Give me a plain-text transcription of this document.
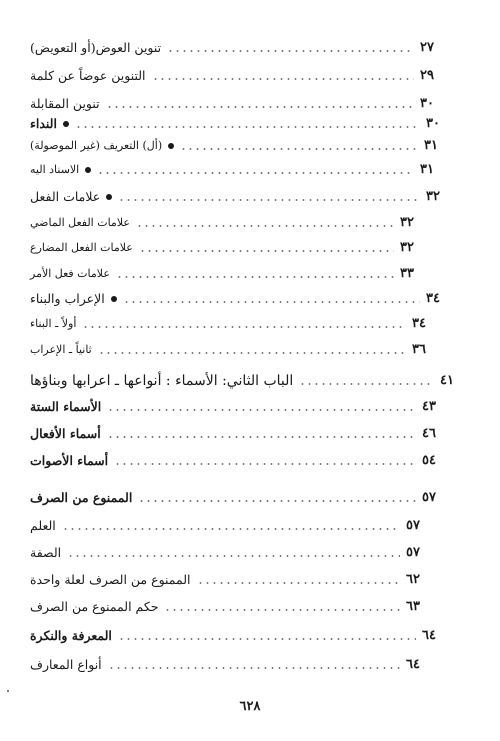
تنوين العوض(أو التعويض)	٢٧
التنوين عوضاً عن كلمة	٢٩
تنوين المقابلة	٣٠
النداء	٣٠
(أل) التعريف (غير الموصولة)	٣١
الاسناد اليه	٣١
علامات الفعل	٣٢
علامات الفعل الماضي	٣٢
علامات الفعل المضارع	٣٢
علامات فعل الأمر	٣٣
الإعراب والبناء	٣٤
أولاً ـ البناء	٣٤
ثانياً ـ الإعراب	٣٦
الباب الثاني: الأسماء : أنواعها ـ اعرابها وبناؤها	٤١
الأسماء الستة	٤٣
أسماء الأفعال	٤٦
أسماء الأصوات	٥٤
الممنوع من الصرف	٥٧
العلم	٥٧
الصفة	٥٧
الممنوع من الصرف لعلة واحدة	٦٢
حكم الممنوع من الصرف	٦٣
المعرفة والنكرة	٦٤
أنواع المعارف	٦٤
٦٢٨
